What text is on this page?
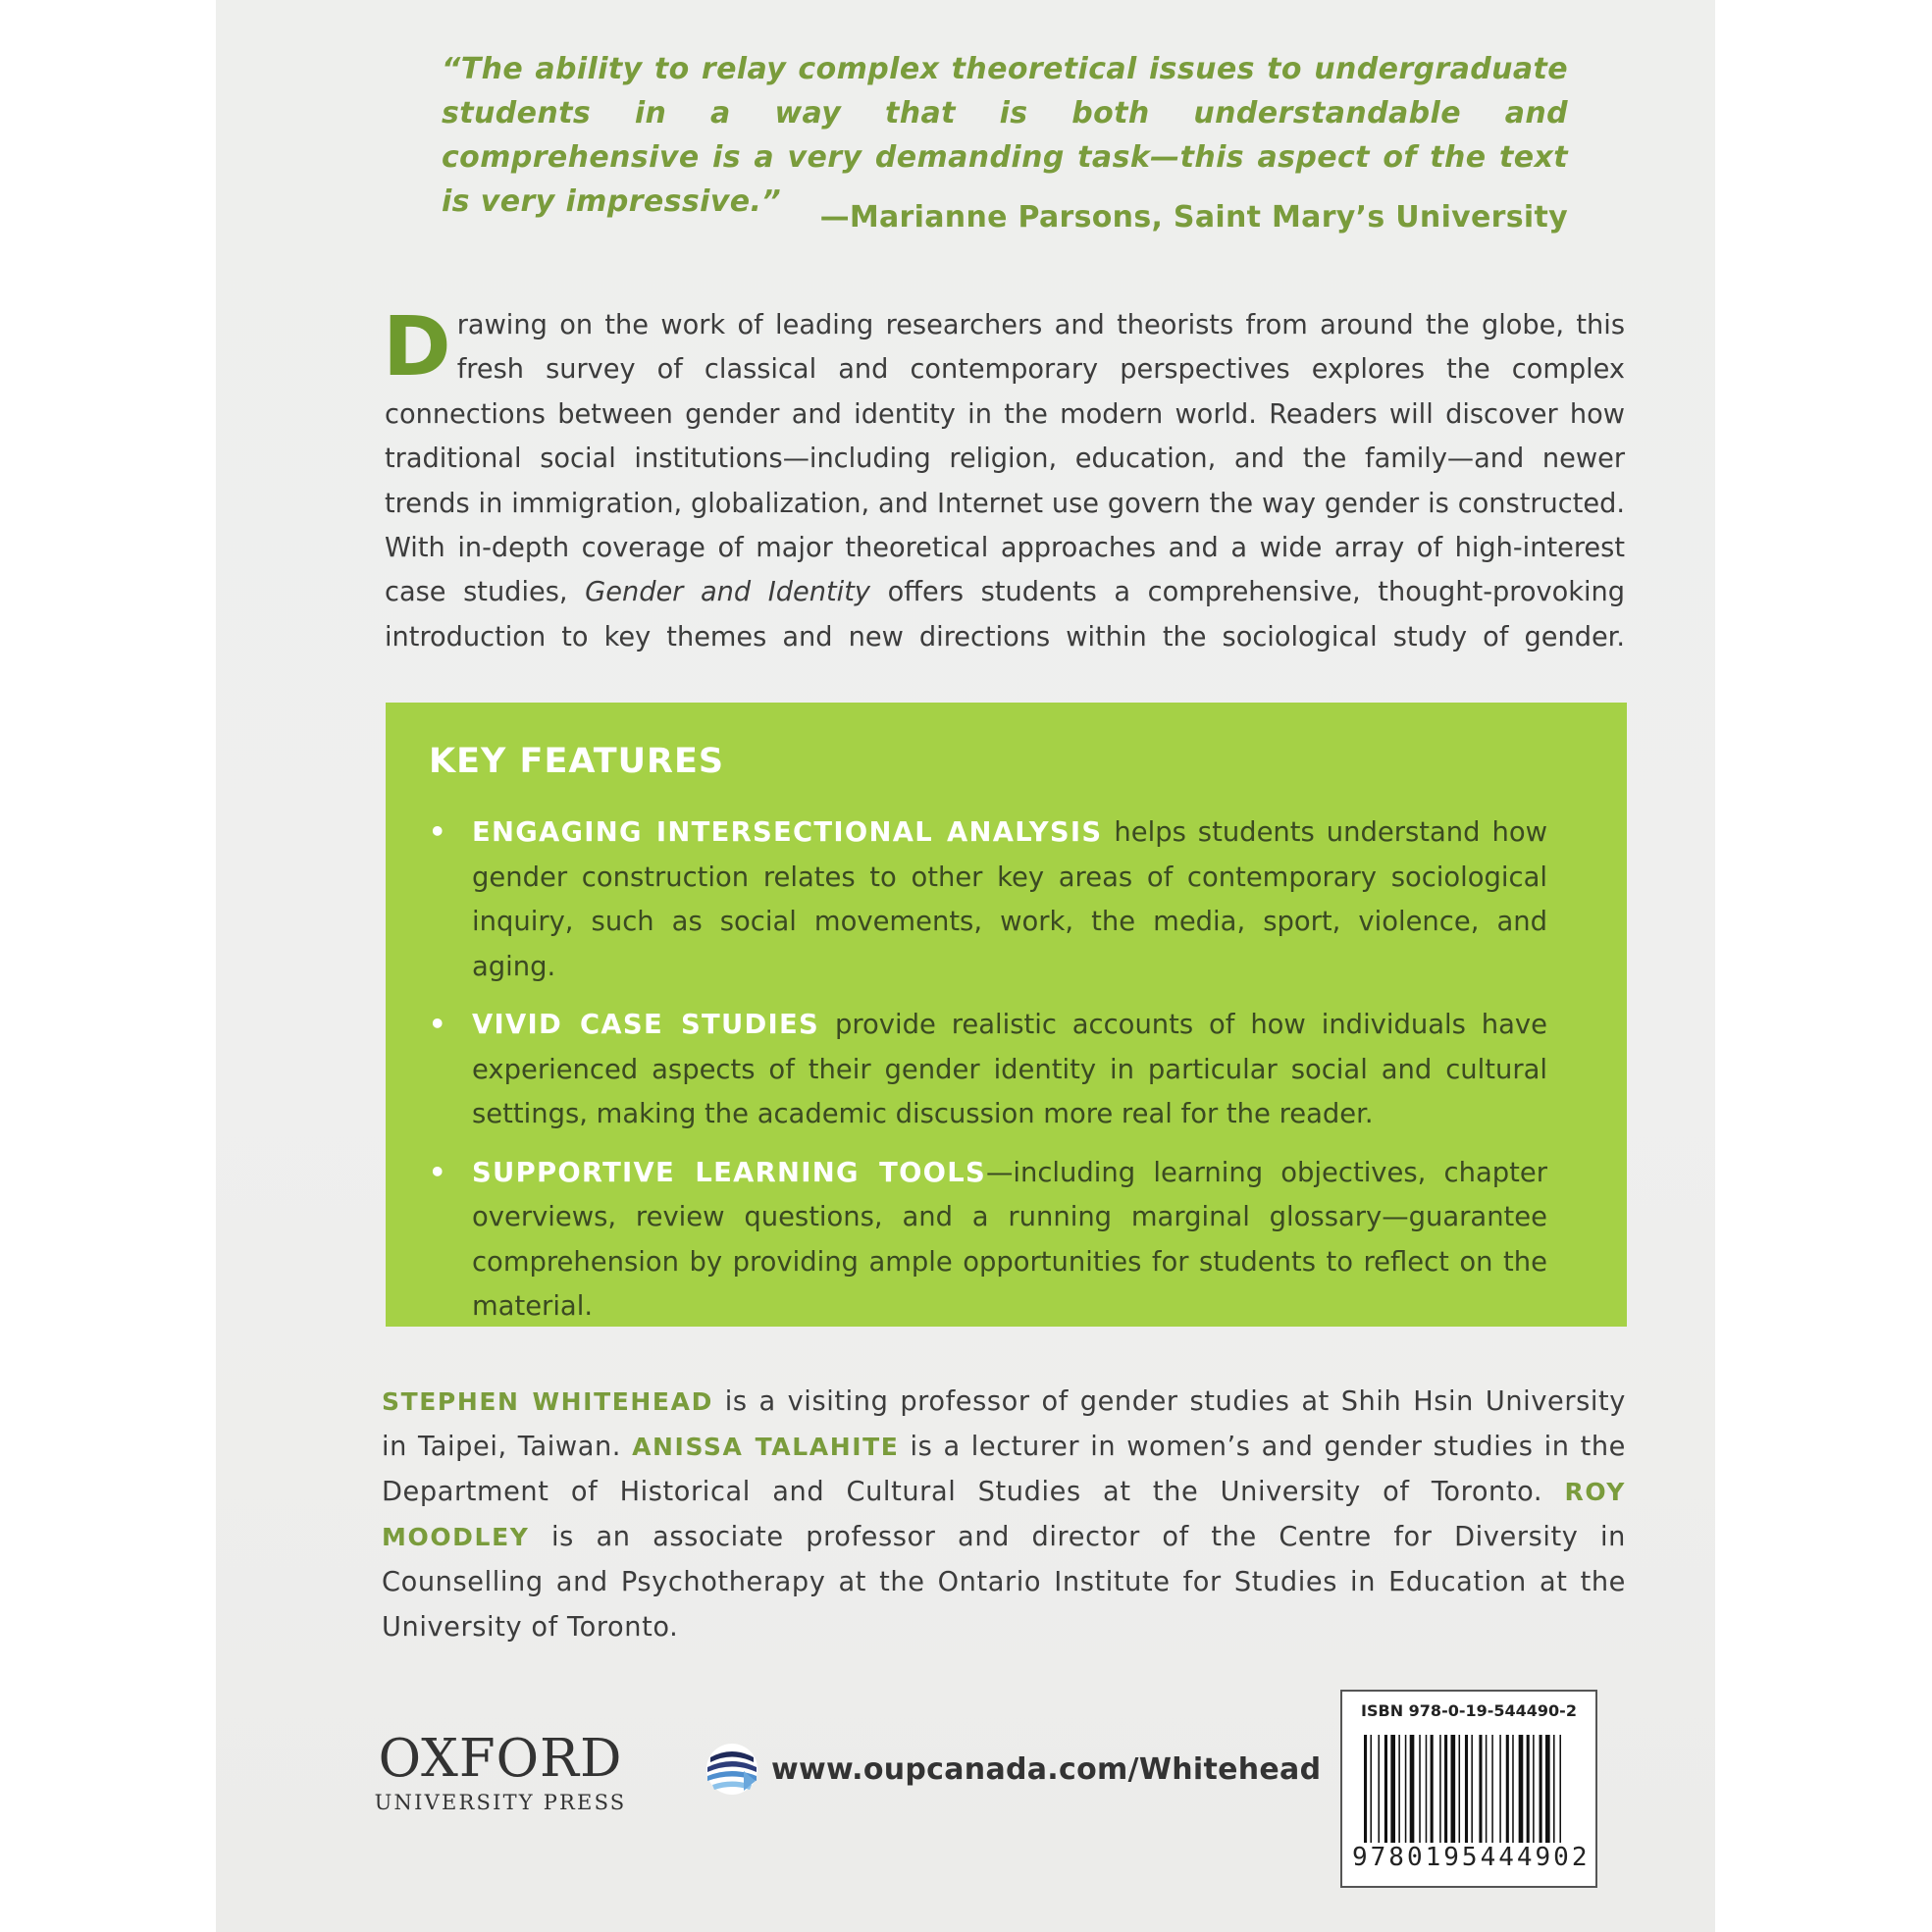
“The ability to relay complex theoretical issues to undergraduate students in a way that is both understandable and comprehensive is a very demanding task—this aspect of the text is very impressive.”	—Marianne Parsons, Saint Mary’s University
Drawing on the work of leading researchers and theorists from around the globe, this fresh survey of classical and contemporary perspectives explores the complex connections between gender and identity in the modern world. Readers will discover how traditional social institutions—including religion, education, and the family—and newer trends in immigration, globalization, and Internet use govern the way gender is constructed. With in-depth coverage of major theoretical approaches and a wide array of high-interest case studies, Gender and Identity offers students a comprehensive, thought-provoking introduction to key themes and new directions within the sociological study of gender.
KEY FEATURES
• ENGAGING INTERSECTIONAL ANALYSIS helps students understand how gender construction relates to other key areas of contemporary sociological inquiry, such as social movements, work, the media, sport, violence, and aging.
• VIVID CASE STUDIES provide realistic accounts of how individuals have experienced aspects of their gender identity in particular social and cultural settings, making the academic discussion more real for the reader.
• SUPPORTIVE LEARNING TOOLS—including learning objectives, chapter overviews, review questions, and a running marginal glossary—guarantee comprehension by providing ample opportunities for students to reflect on the material.
STEPHEN WHITEHEAD is a visiting professor of gender studies at Shih Hsin University in Taipei, Taiwan. ANISSA TALAHITE is a lecturer in women’s and gender studies in the Department of Historical and Cultural Studies at the University of Toronto. ROY MOODLEY is an associate professor and director of the Centre for Diversity in Counselling and Psychotherapy at the Ontario Institute for Studies in Education at the University of Toronto.
OXFORD
UNIVERSITY PRESS
www.oupcanada.com/Whitehead
ISBN 978-0-19-544490-2
9780195444902
